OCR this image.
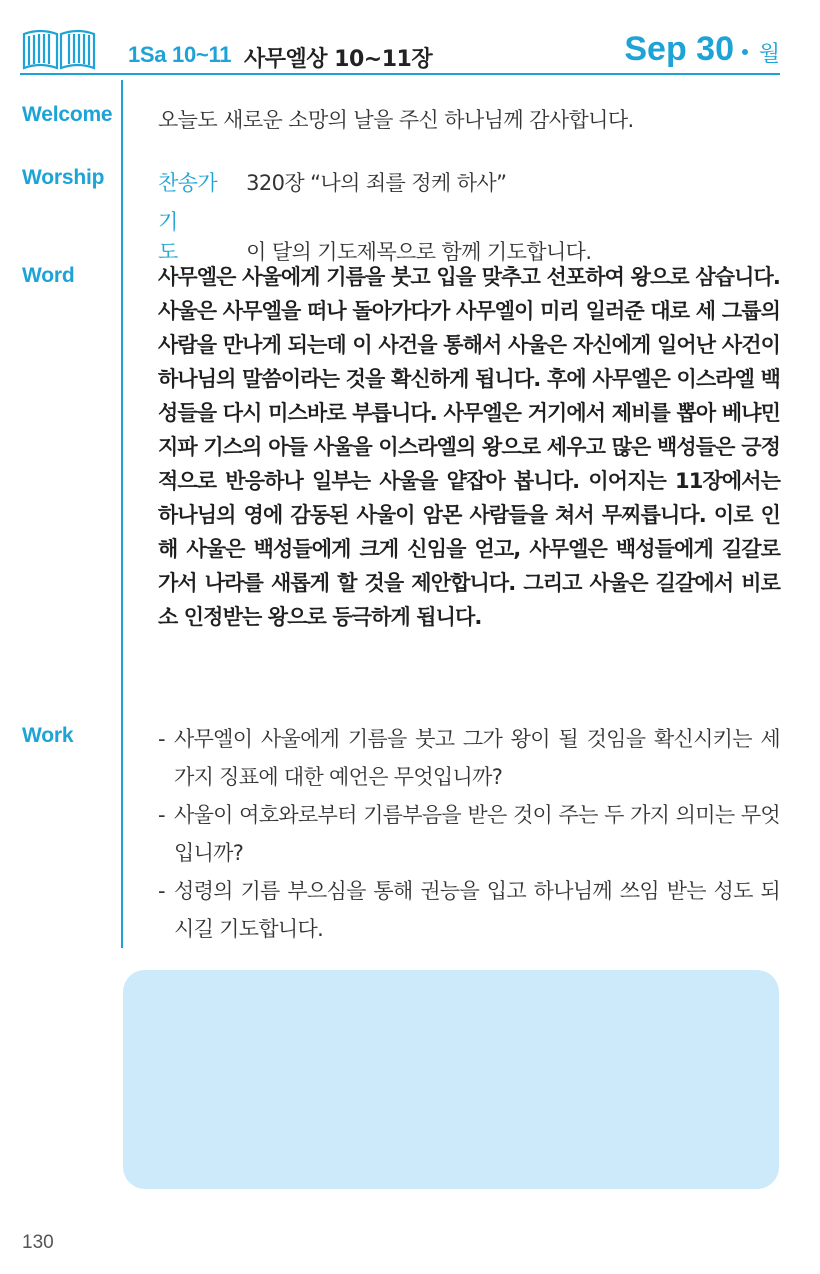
1Sa 10~11 사무엘상 10~11장	Sep 30 월
Welcome 오늘도 새로운 소망의 날을 주신 하나님께 감사합니다.
Worship	찬송가 320장 “나의 죄를 정케 하사”
기도 이 달의 기도제목으로 함께 기도합니다.
Word	사무엘은 사울에게 기름을 붓고 입을 맞추고 선포하여 왕으로 삼습니다. 사울은 사무엘을 떠나 돌아가다가 사무엘이 미리 일러준 대로 세 그룹의 사람을 만나게 되는데 이 사건을 통해서 사울은 자신에게 일어난 사건이 하나님의 말씀이라는 것을 확신하게 됩니다. 후에 사무엘은 이스라엘 백성들을 다시 미스바로 부릅니다. 사무엘은 거기에서 제비를 뽑아 베냐민 지파 기스의 아들 사울을 이스라엘의 왕으로 세우고 많은 백성들은 긍정적으로 반응하나 일부는 사울을 얕잡아 봅니다. 이어지는 11장에서는 하나님의 영에 감동된 사울이 암몬 사람들을 쳐서 무찌릅니다. 이로 인해 사울은 백성들에게 크게 신임을 얻고, 사무엘은 백성들에게 길갈로 가서 나라를 새롭게 할 것을 제안합니다. 그리고 사울은 길갈에서 비로소 인정받는 왕으로 등극하게 됩니다.
Work	- 사무엘이 사울에게 기름을 붓고 그가 왕이 될 것임을 확신시키는 세 가지 징표에 대한 예언은 무엇입니까?
- 사울이 여호와로부터 기름부음을 받은 것이 주는 두 가지 의미는 무엇입니까?
- 성령의 기름 부으심을 통해 권능을 입고 하나님께 쓰임 받는 성도 되시길 기도합니다.
130
